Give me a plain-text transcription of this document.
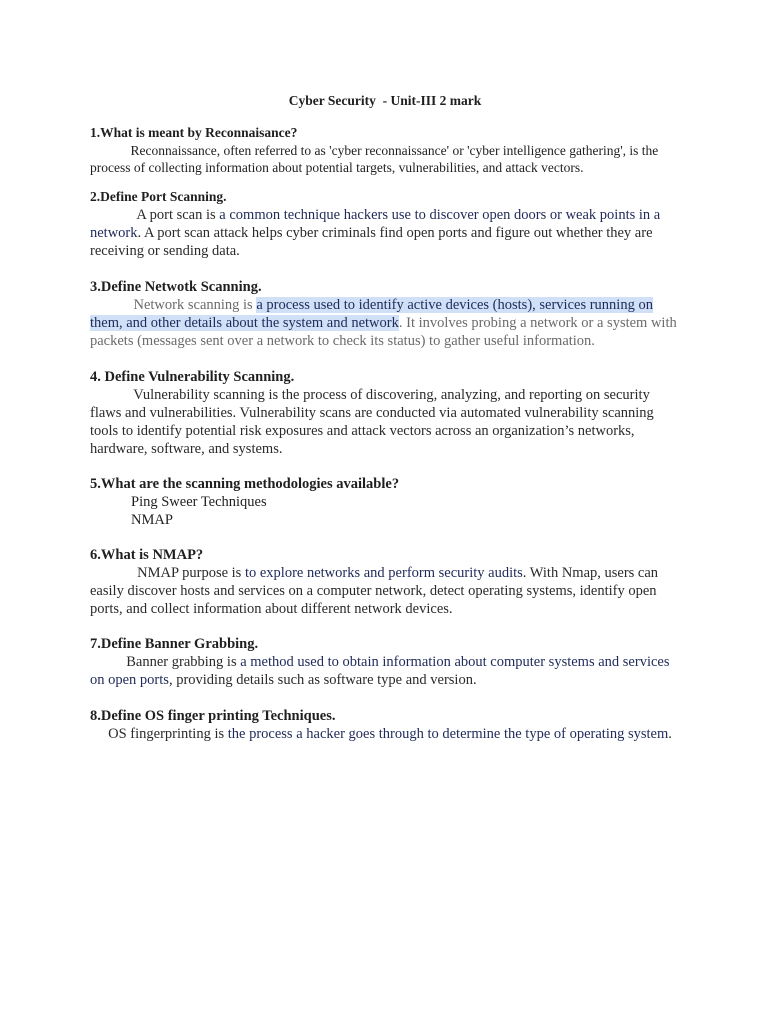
Cyber Security  - Unit-III 2 mark

1.What is meant by Reconnaisance?

Reconnaissance, often referred to as 'cyber reconnaissance' or 'cyber intelligence gathering', is the process of collecting information about potential targets, vulnerabilities, and attack vectors.

2.Define Port Scanning.

A port scan is a common technique hackers use to discover open doors or weak points in a network. A port scan attack helps cyber criminals find open ports and figure out whether they are receiving or sending data.

3.Define Netwotk Scanning.

Network scanning is a process used to identify active devices (hosts), services running on them, and other details about the system and network. It involves probing a network or a system with packets (messages sent over a network to check its status) to gather useful information.

4. Define Vulnerability Scanning.

Vulnerability scanning is the process of discovering, analyzing, and reporting on security flaws and vulnerabilities. Vulnerability scans are conducted via automated vulnerability scanning tools to identify potential risk exposures and attack vectors across an organization’s networks, hardware, software, and systems.

5.What are the scanning methodologies available?

Ping Sweer Techniques
NMAP

6.What is NMAP?

NMAP purpose is to explore networks and perform security audits. With Nmap, users can easily discover hosts and services on a computer network, detect operating systems, identify open ports, and collect information about different network devices.

7.Define Banner Grabbing.

Banner grabbing is a method used to obtain information about computer systems and services on open ports, providing details such as software type and version.

8.Define OS finger printing Techniques.

OS fingerprinting is the process a hacker goes through to determine the type of operating system.
